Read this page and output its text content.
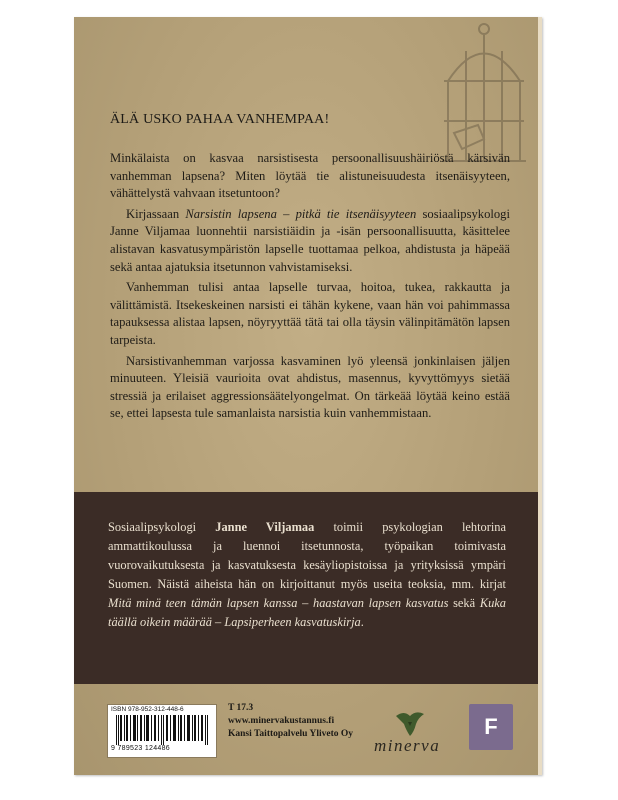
ÄLÄ USKO PAHAA VANHEMPAA!

Minkälaista on kasvaa narsistisesta persoonallisuushäiriöstä kärsivän vanhemman lapsena? Miten löytää tie alistuneisuudesta itsenäisyyteen, vähättelystä vahvaan itsetuntoon?

Kirjassaan Narsistin lapsena – pitkä tie itsenäisyyteen sosiaalipsykologi Janne Viljamaa luonnehtii narsistiäidin ja -isän persoonallisuutta, käsittelee alistavan kasvatusympäristön lapselle tuottamaa pelkoa, ahdistusta ja häpeää sekä antaa ajatuksia itsetunnon vahvistamiseksi.

Vanhemman tulisi antaa lapselle turvaa, hoitoa, tukea, rakkautta ja välittämistä. Itsekeskeinen narsisti ei tähän kykene, vaan hän voi pahimmassa tapauksessa alistaa lapsen, nöyryyttää tätä tai olla täysin välinpitämätön lapsen tarpeista.

Narsistivanhemman varjossa kasvaminen lyö yleensä jonkinlaisen jäljen minuuteen. Yleisiä vaurioita ovat ahdistus, masennus, kyvyttömyys sietää stressiä ja erilaiset aggressionsäätelyongelmat. On tärkeää löytää keino estää se, ettei lapsesta tule samanlaista narsistia kuin vanhemmistaan.

Sosiaalipsykologi Janne Viljamaa toimii psykologian lehtorina ammattikoulussa ja luennoi itsetunnosta, työpaikan toimivasta vuorovaikutuksesta ja kasvatuksesta kesäyliopistoissa ja yrityksissä ympäri Suomen. Näistä aiheista hän on kirjoittanut myös useita teoksia, mm. kirjat Mitä minä teen tämän lapsen kanssa – haastavan lapsen kasvatus sekä Kuka täällä oikein määrää – Lapsiperheen kasvatuskirja.
ISBN 978-952-312-448-6
9 789523 124486
T 17.3
www.minervakustannus.fi
Kansi Taittopalvelu Yliveto Oy
minerva
F
